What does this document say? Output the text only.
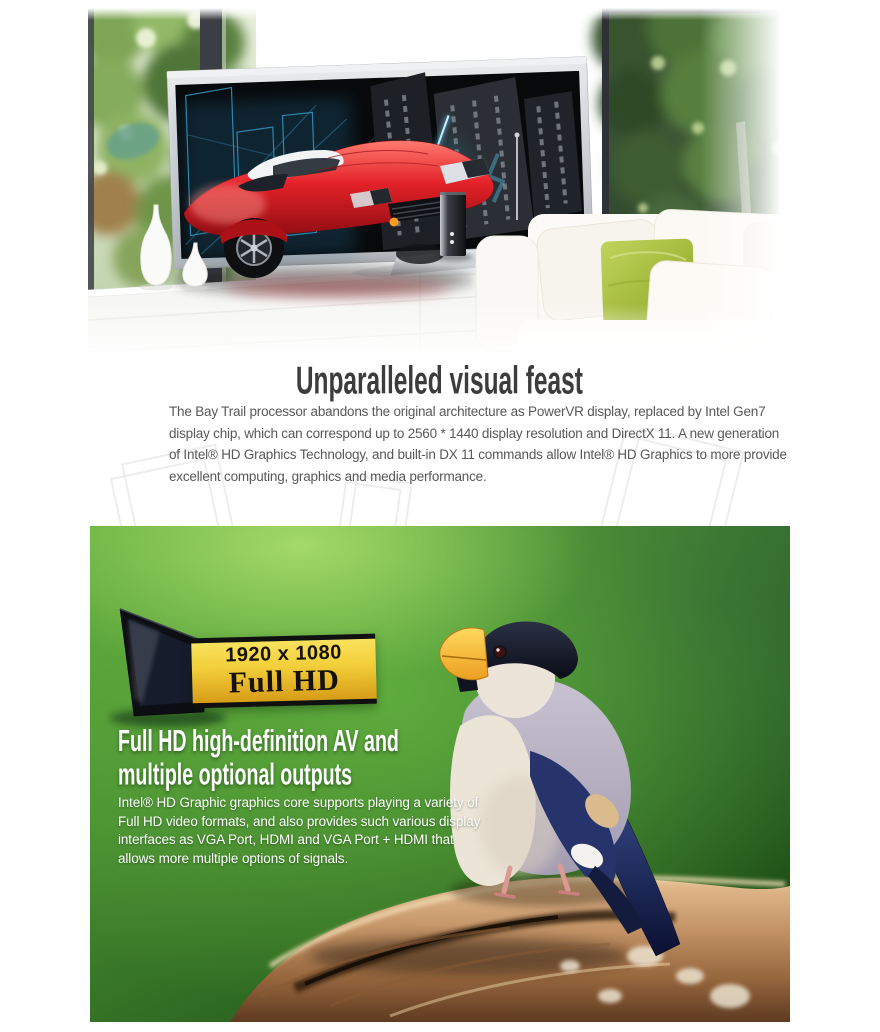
Unparalleled visual feast
The Bay Trail processor abandons the original architecture as PowerVR display, replaced by Intel Gen7
display chip, which can correspond up to 2560 * 1440 display resolution and DirectX 11. A new generation
of Intel® HD Graphics Technology, and built-in DX 11 commands allow Intel® HD Graphics to more provide
excellent computing, graphics and media performance.
1920 x 1080
Full HD
Full HD high-definition AV and
multiple optional outputs
Intel® HD Graphic graphics core supports playing a variety of
Full HD video formats, and also provides such various display
interfaces as VGA Port, HDMI and VGA Port + HDMI that
allows more multiple options of signals.
